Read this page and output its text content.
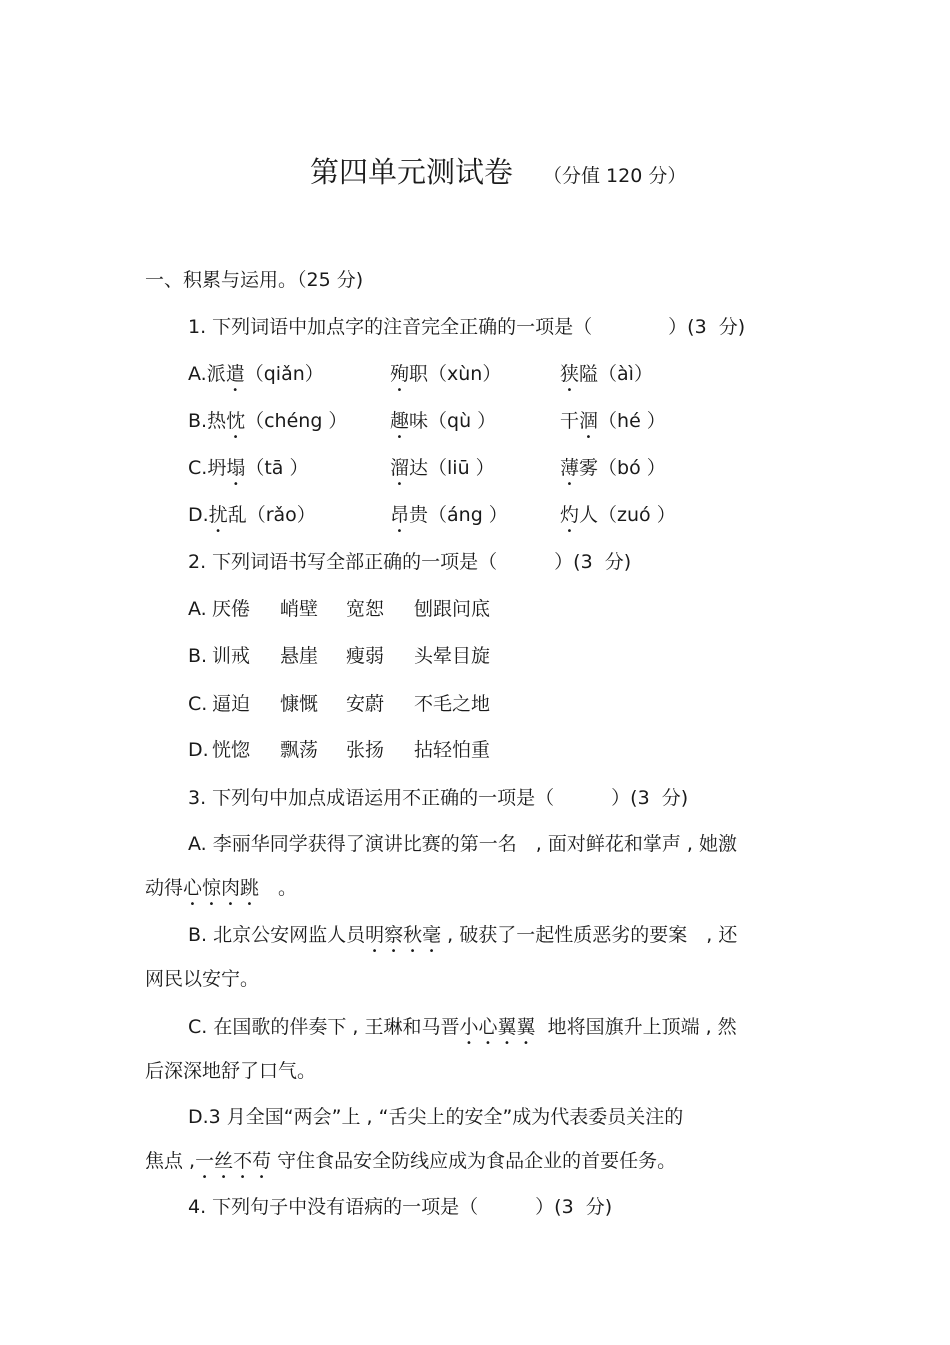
第四单元测试卷 （分值 120 分）
一、积累与运用。（25 分)
1. 下列词语中加点字的注音完全正确的一项是（　　　　）(3  分)
A.派遣（qiǎn）	殉职（xùn）	狭隘（àì）
B.热忱（chéng ） 趣味（qù ）	干涸（hé ）
C.坍塌（tā ）	溜达（liū ）	薄雾（bó ）
D.扰乱（rǎo）	昂贵（áng ）	灼人（zuó ）
2. 下列词语书写全部正确的一项是（　　　）(3  分)
A. 厌倦 峭壁 宽恕 刨跟问底
B. 训戒 悬崖 瘦弱 头晕目旋
C. 逼迫 慷慨 安蔚 不毛之地
D. 恍惚 飘荡 张扬 拈轻怕重
3. 下列句中加点成语运用不正确的一项是（　　　）(3  分)
A. 李丽华同学获得了演讲比赛的第一名　, 面对鲜花和掌声 , 她激
动得心惊肉跳　。
B. 北京公安网监人员明察秋毫 , 破获了一起性质恶劣的要案　, 还
网民以安宁。
C. 在国歌的伴奏下 , 王琳和马晋小心翼翼  地将国旗升上顶端 , 然
后深深地舒了口气。
D.3 月全国“两会”上 , “舌尖上的安全”成为代表委员关注的
焦点 ,一丝不苟 守住食品安全防线应成为食品企业的首要任务。
4. 下列句子中没有语病的一项是（　　　）(3  分)
